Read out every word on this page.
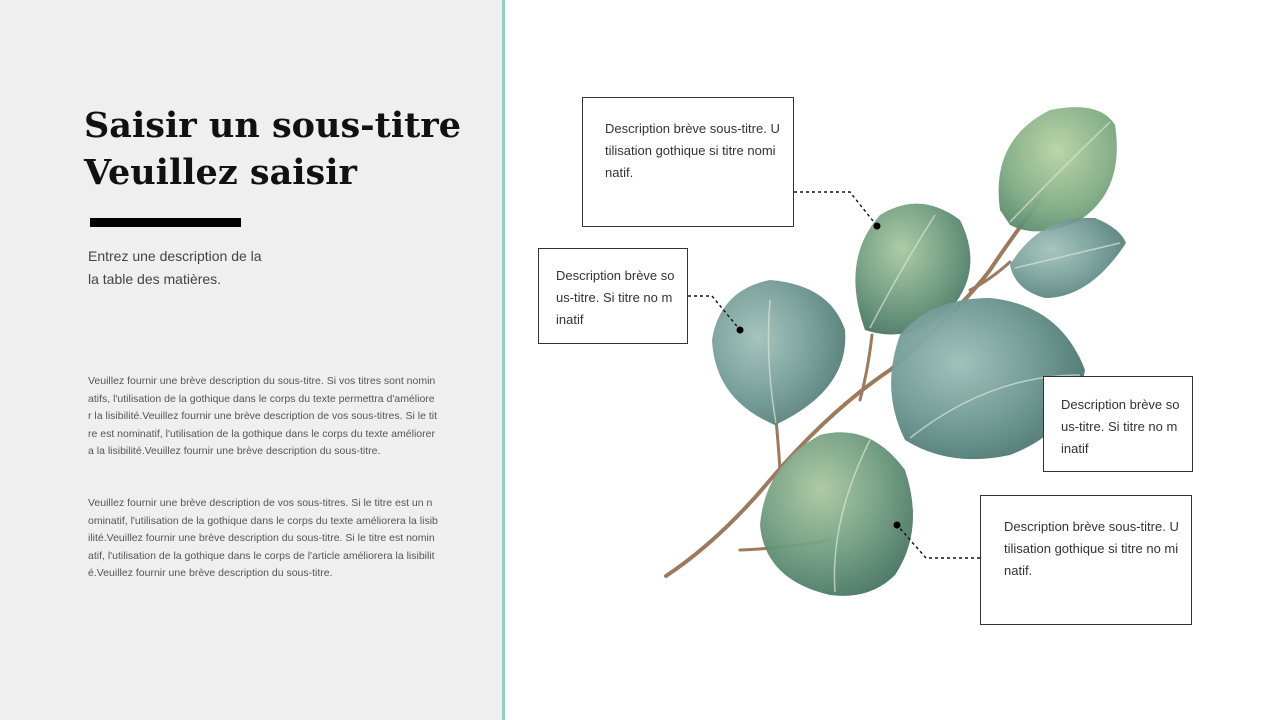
Saisir un sous-titre
Veuillez saisir
Entrez une description de la
la table des matières.

Veuillez fournir une brève description du sous-titre. Si vos titres sont nominatifs, l'utilisation de la gothique dans le corps du texte permettra d'améliorer la lisibilité.Veuillez fournir une brève description de vos sous-titres. Si le titre est nominatif, l'utilisation de la gothique dans le corps du texte améliorera la lisibilité.Veuillez fournir une brève description du sous-titre.

Veuillez fournir une brève description de vos sous-titres. Si le titre est un nominatif, l'utilisation de la gothique dans le corps du texte améliorera la lisibilité.Veuillez fournir une brève description du sous-titre. Si le titre est nominatif, l'utilisation de la gothique dans le corps de l'article améliorera la lisibilité.Veuillez fournir une brève description du sous-titre.

Description brève sous-titre. Utilisation gothique si titre nominatif.
Description brève sous-titre. Si titre no minatif
Description brève sous-titre. Si titre no minatif
Description brève sous-titre. Utilisation gothique si titre no minatif.
